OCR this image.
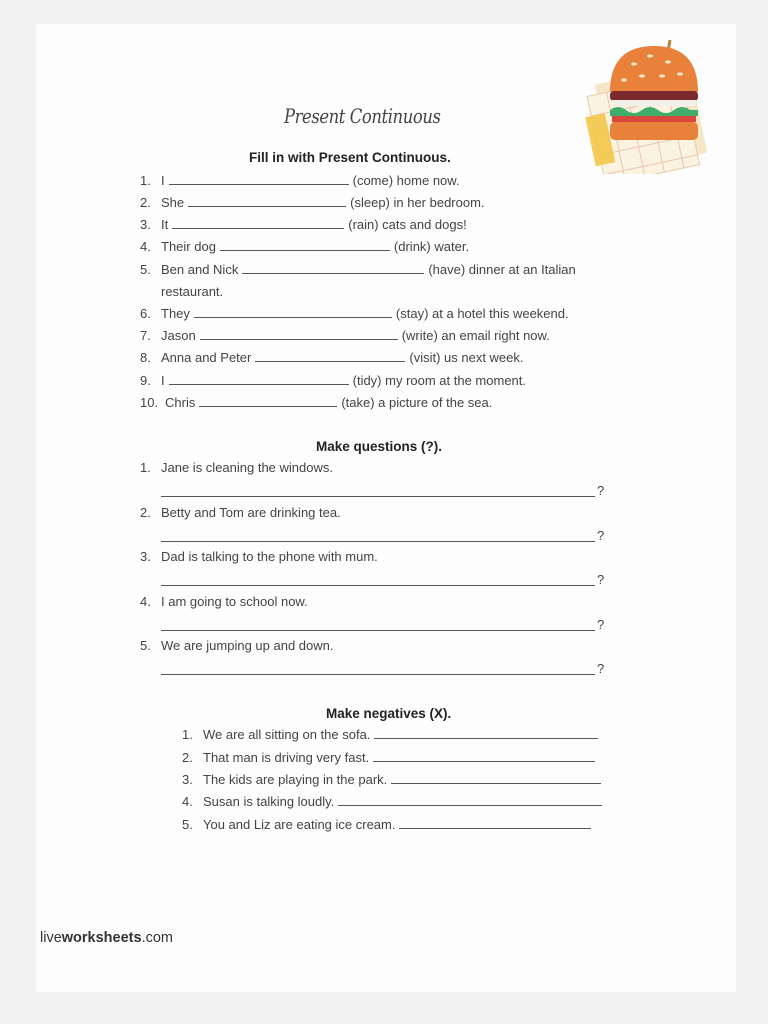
Present Continuous
Fill in with Present Continuous.
1. I	(come) home now.
2. She	(sleep) in her bedroom.
3. It	(rain) cats and dogs!
4. Their dog	(drink) water.
5. Ben and Nick	(have) dinner at an Italian
restaurant.
6. They	(stay) at a hotel this weekend.
7. Jason	(write) an email right now.
8. Anna and Peter	(visit) us next week.
9. I	(tidy) my room at the moment.
10. Chris	(take) a picture of the sea.
Make questions (?).
1. Jane is cleaning the windows.
?
2. Betty and Tom are drinking tea.
?
3. Dad is talking to the phone with mum.
?
4. I am going to school now.
?
5. We are jumping up and down.
?
Make negatives (X).
1. We are all sitting on the sofa.
2. That man is driving very fast.
3. The kids are playing in the park.
4. Susan is talking loudly.
5. You and Liz are eating ice cream.
liveworksheets.com
